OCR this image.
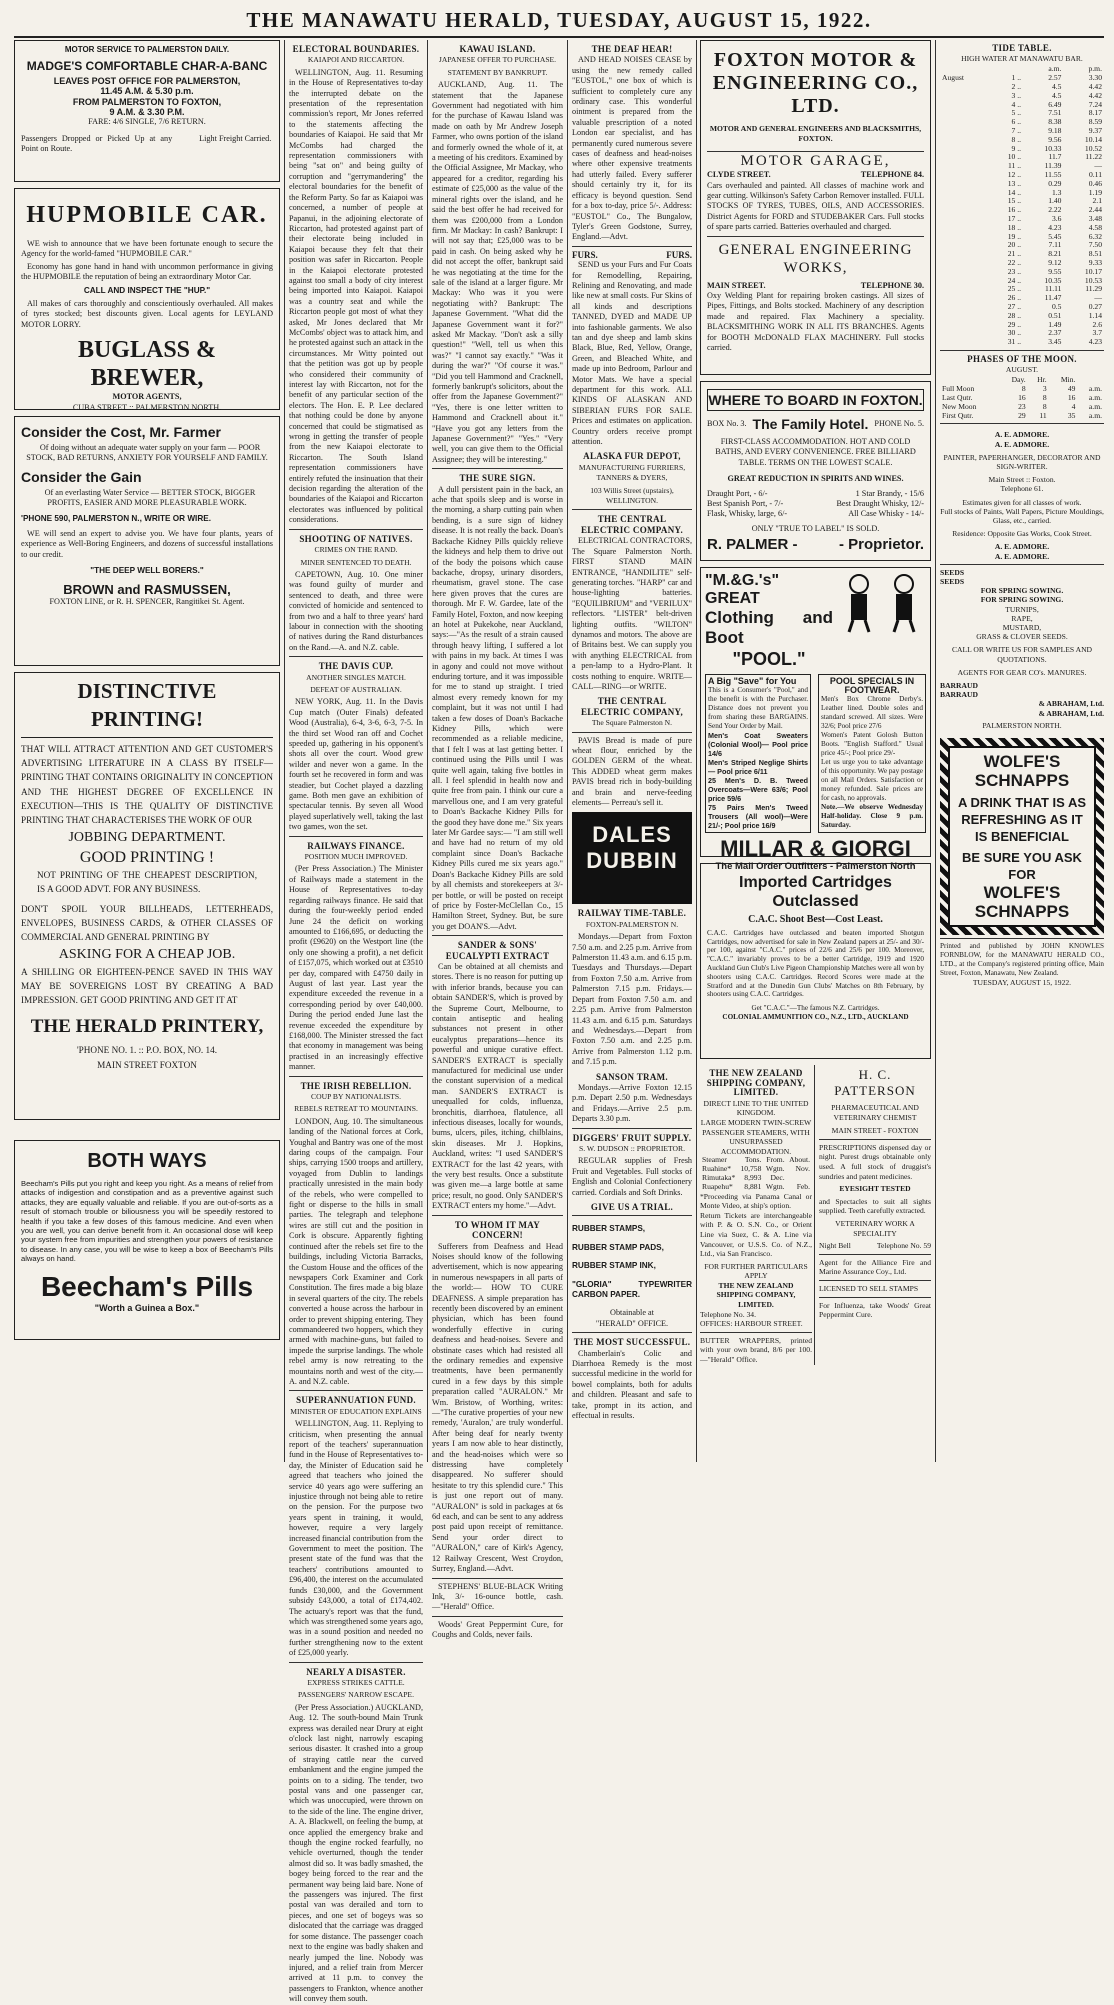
THE MANAWATU HERALD, TUESDAY, AUGUST 15, 1922.
MOTOR SERVICE TO PALMERSTON DAILY.
MADGE'S COMFORTABLE CHAR-A-BANC
LEAVES POST OFFICE FOR PALMERSTON,
11.45 A.M. & 5.30 p.m.
FROM PALMERSTON TO FOXTON,
9 A.M. & 3.30 P.M.
FARE: 4/6 SINGLE, 7/6 RETURN.
Passengers Dropped or Picked Up at any Point on Route.
Light Freight Carried.
HUPMOBILE CAR.
WE wish to announce that we have been fortunate enough to secure the Agency for the world-famed "HUPMOBILE CAR."
Economy has gone hand in hand with uncommon performance in giving the HUPMOBILE the reputation of being an extraordinary Motor Car.
CALL AND INSPECT THE "HUP."
All makes of cars thoroughly and conscientiously overhauled. All makes of tyres stocked; best discounts given. Local agents for LEYLAND MOTOR LORRY.
BUGLASS & BREWER,
MOTOR AGENTS,
CUBA STREET :: PALMERSTON NORTH.
Consider the Cost, Mr. Farmer
Of doing without an adequate water supply on your farm — POOR STOCK, BAD RETURNS, ANXIETY FOR YOURSELF AND FAMILY.
Consider the Gain
Of an everlasting Water Service — BETTER STOCK, BIGGER PROFITS, EASIER AND MORE PLEASURABLE WORK.
'PHONE 590, PALMERSTON N., WRITE OR WIRE.
WE will send an expert to advise you. We have four plants, years of experience as Well-Boring Engineers, and dozens of successful installations to our credit.
"THE DEEP WELL BORERS."
BROWN and RASMUSSEN,
FOXTON LINE, or R. H. SPENCER, Rangitikei St. Agent.
DISTINCTIVE PRINTING!
THAT WILL ATTRACT ATTENTION AND GET CUSTOMER'S ADVERTISING LITERATURE IN A CLASS BY ITSELF—PRINTING THAT CONTAINS ORIGINALITY IN CONCEPTION AND THE HIGHEST DEGREE OF EXCELLENCE IN EXECUTION—THIS IS THE QUALITY OF DISTINCTIVE PRINTING THAT CHARACTERISES THE WORK OF OUR
JOBBING DEPARTMENT.
GOOD PRINTING !
NOT PRINTING OF THE CHEAPEST DESCRIPTION, IS A GOOD ADVT. FOR ANY BUSINESS.
DON'T SPOIL YOUR BILLHEADS, LETTERHEADS, ENVELOPES, BUSINESS CARDS, & OTHER CLASSES OF COMMERCIAL AND GENERAL PRINTING BY
ASKING FOR A CHEAP JOB.
A SHILLING OR EIGHTEEN-PENCE SAVED IN THIS WAY MAY BE SOVEREIGNS LOST BY CREATING A BAD IMPRESSION. GET GOOD PRINTING AND GET IT AT
THE HERALD PRINTERY,
'PHONE NO. 1. :: P.O. BOX, NO. 14.
MAIN STREET FOXTON
BOTH WAYS
Beecham's Pills put you right and keep you right. As a means of relief from attacks of indigestion and constipation and as a preventive against such attacks, they are equally valuable and reliable. If you are out-of-sorts as a result of stomach trouble or biliousness you will be speedily restored to health if you take a few doses of this famous medicine. And even when you are well, you can derive benefit from it. An occasional dose will keep your system free from impurities and strengthen your powers of resistance to disease. In any case, you will be wise to keep a box of Beecham's Pills always on hand.
Beecham's Pills
"Worth a Guinea a Box."
ELECTORAL BOUNDARIES.
KAIAPOI AND RICCARTON.
WELLINGTON, Aug. 11. Resuming in the House of Representatives to-day the interrupted debate on the presentation of the representation commission's report, Mr Jones referred to the statements affecting the boundaries of Kaiapoi. He said that Mr McCombs had charged the representation commissioners with being "sat on" and being guilty of corruption and "gerrymandering" the electoral boundaries for the benefit of the Reform Party. So far as Kaiapoi was concerned, a number of people at Papanui, in the adjoining electorate of Riccarton, had protested against part of their electorate being included in Kaiapoi because they felt that their position was safer in Riccarton. People in the Kaiapoi electorate protested against too small a body of city interest being imported into Kaiapoi. Kaiapoi was a country seat and while the Riccarton people got most of what they asked, Mr Jones declared that Mr McCombs' object was to attack him, and he protested against such an attack in the circumstances. Mr Witty pointed out that the petition was got up by people who considered their community of interest lay with Riccarton, not for the benefit of any particular section of the electors. The Hon. E. P. Lee declared that nothing could be done by anyone concerned that could be stigmatised as wrong in getting the transfer of people from the new Kaiapoi electorate to Riccarton. The South Island representation commissioners have entirely refuted the insinuation that their decision regarding the alteration of the boundaries of the Kaiapoi and Riccarton electorates was influenced by political considerations.
SHOOTING OF NATIVES.
CRIMES ON THE RAND.
MINER SENTENCED TO DEATH.
CAPETOWN, Aug. 10. One miner was found guilty of murder and sentenced to death, and three were convicted of homicide and sentenced to from two and a half to three years' hard labour in connection with the shooting of natives during the Rand disturbances on the Rand.—A. and N.Z. cable.
THE DAVIS CUP.
ANOTHER SINGLES MATCH.
DEFEAT OF AUSTRALIAN.
NEW YORK, Aug. 11. In the Davis Cup match (Outer Finals) defeated Wood (Australia), 6-4, 3-6, 6-3, 7-5. In the third set Wood ran off and Cochet speeded up, gathering in his opponent's shots all over the court. Wood grew wilder and never won a game. In the fourth set he recovered in form and was steadier, but Cochet played a dazzling game. Both men gave an exhibition of spectacular tennis. By seven all Wood played superlatively well, taking the last two games, won the set.
RAILWAYS FINANCE.
POSITION MUCH IMPROVED.
(Per Press Association.) The Minister of Railways made a statement in the House of Representatives to-day regarding railways finance. He said that during the four-weekly period ended June 24 the deficit on working amounted to £166,695, or deducting the profit (£9620) on the Westport line (the only one showing a profit), a net deficit of £157,075, which worked out at £3510 per day, compared with £4750 daily in August of last year. Last year the expenditure exceeded the revenue in a corresponding period by over £40,000. During the period ended June last the revenue exceeded the expenditure by £168,000. The Minister stressed the fact that economy in management was being practised in an increasingly effective manner.
THE IRISH REBELLION.
COUP BY NATIONALISTS.
REBELS RETREAT TO MOUNTAINS.
LONDON, Aug. 10. The simultaneous landing of the National forces at Cork, Youghal and Bantry was one of the most daring coups of the campaign. Four ships, carrying 1500 troops and artillery, voyaged from Dublin to landings practically unresisted in the main body of the rebels, who were compelled to fight or disperse to the hills in small parties. The telegraph and telephone wires are still cut and the position in Cork is obscure. Apparently fighting continued after the rebels set fire to the buildings, including Victoria Barracks, the Custom House and the offices of the newspapers Cork Examiner and Cork Constitution. The fires made a big blaze in several quarters of the city. The rebels converted a house across the harbour in order to prevent shipping entering. They commandeered two hoppers, which they armed with machine-guns, but failed to impede the surprise landings. The whole rebel army is now retreating to the mountains north and west of the city.—A. and N.Z. cable.
SUPERANNUATION FUND.
MINISTER OF EDUCATION EXPLAINS
WELLINGTON, Aug. 11. Replying to criticism, when presenting the annual report of the teachers' superannuation fund in the House of Representatives to-day, the Minister of Education said he agreed that teachers who joined the service 40 years ago were suffering an injustice through not being able to retire on the pension. For the purpose two years spent in training, it would, however, require a very largely increased financial contribution from the Government to meet the position. The present state of the fund was that the teachers' contributions amounted to £96,400, the interest on the accumulated funds £30,000, and the Government subsidy £43,000, a total of £174,402. The actuary's report was that the fund, which was strengthened some years ago, was in a sound position and needed no further strengthening now to the extent of £25,000 yearly.
NEARLY A DISASTER.
EXPRESS STRIKES CATTLE.
PASSENGERS' NARROW ESCAPE.
(Per Press Association.) AUCKLAND, Aug. 12. The south-bound Main Trunk express was derailed near Drury at eight o'clock last night, narrowly escaping serious disaster. It crashed into a group of straying cattle near the curved embankment and the engine jumped the points on to a siding. The tender, two postal vans and one passenger car, which was unoccupied, were thrown on to the side of the line. The engine driver, A. A. Blackwell, on feeling the bump, at once applied the emergency brake and though the engine rocked fearfully, no vehicle overturned, though the tender almost did so. It was badly smashed, the bogey being forced to the rear and the permanent way being laid bare. None of the passengers was injured. The first postal van was derailed and torn to pieces, and one set of bogeys was so dislocated that the carriage was dragged for some distance. The passenger coach next to the engine was badly shaken and nearly jumped the line. Nobody was injured, and a relief train from Mercer arrived at 11 p.m. to convey the passengers to Frankton, whence another will convey them south.
KAWAU ISLAND.
JAPANESE OFFER TO PURCHASE.
STATEMENT BY BANKRUPT.
AUCKLAND, Aug. 11. The statement that the Japanese Government had negotiated with him for the purchase of Kawau Island was made on oath by Mr Andrew Joseph Farmer, who owns portion of the island and formerly owned the whole of it, at a meeting of his creditors. Examined by the Official Assignee, Mr Mackay, who appeared for a creditor, regarding his estimate of £25,000 as the value of the mineral rights over the island, and he said the best offer he had received for them was £200,000 from a London firm. Mr Mackay: In cash? Bankrupt: I will not say that; £25,000 was to be paid in cash. On being asked why he did not accept the offer, bankrupt said he was negotiating at the time for the sale of the island at a larger figure. Mr Mackay: Who was it you were negotiating with? Bankrupt: The Japanese Government. "What did the Japanese Government want it for?" asked Mr Mackay. "Don't ask a silly question!" "Well, tell us when this was?" "I cannot say exactly." "Was it during the war?" "Of course it was." "Did you tell Hammond and Cracknell, formerly bankrupt's solicitors, about the offer from the Japanese Government?" "Yes, there is one letter written to Hammond and Cracknell about it." "Have you got any letters from the Japanese Government?" "Yes." "Very well, you can give them to the Official Assignee; they will be interesting."
THE SURE SIGN.
A dull persistent pain in the back, an ache that spoils sleep and is worse in the morning, a sharp cutting pain when bending, is a sure sign of kidney disease. It is not really the back. Doan's Backache Kidney Pills quickly relieve the kidneys and help them to drive out of the body the poisons which cause backache, dropsy, urinary disorders, rheumatism, gravel stone. The case here given proves that the cures are thorough. Mr F. W. Gardee, late of the Family Hotel, Foxton, and now keeping an hotel at Pukekohe, near Auckland, says:—"As the result of a strain caused through heavy lifting, I suffered a lot with pains in my back. At times I was in agony and could not move without enduring torture, and it was impossible for me to stand up straight. I tried almost every remedy known for my complaint, but it was not until I had taken a few doses of Doan's Backache Kidney Pills, which were recommended as a reliable medicine, that I felt I was at last getting better. I continued using the Pills until I was quite well again, taking five bottles in all. I feel splendid in health now and quite free from pain. I think our cure a marvellous one, and I am very grateful to Doan's Backache Kidney Pills for the good they have done me." Six years later Mr Gardee says:— "I am still well and have had no return of my old complaint since Doan's Backache Kidney Pills cured me six years ago." Doan's Backache Kidney Pills are sold by all chemists and storekeepers at 3/- per bottle, or will be posted on receipt of price by Foster-McClellan Co., 15 Hamilton Street, Sydney. But, be sure you get DOAN'S.—Advt.
SANDER & SONS' EUCALYPTI EXTRACT
Can be obtained at all chemists and stores. There is no reason for putting up with inferior brands, because you can obtain SANDER'S, which is proved by the Supreme Court, Melbourne, to contain antiseptic and healing substances not present in other eucalyptus preparations—hence its powerful and unique curative effect. SANDER'S EXTRACT is specially manufactured for medicinal use under the constant supervision of a medical man. SANDER'S EXTRACT is unequalled for colds, influenza, bronchitis, diarrhoea, flatulence, all infectious diseases, locally for wounds, burns, ulcers, piles, itching, chilblains, skin diseases. Mr J. Hopkins, Auckland, writes: "I used SANDER'S EXTRACT for the last 42 years, with the very best results. Once a substitute was given me—a large bottle at same price; result, no good. Only SANDER'S EXTRACT enters my home."—Advt.
TO WHOM IT MAY CONCERN!
Sufferers from Deafness and Head Noises should know of the following advertisement, which is now appearing in numerous newspapers in all parts of the world:— HOW TO CURE DEAFNESS. A simple preparation has recently been discovered by an eminent physician, which has been found wonderfully effective in curing deafness and head-noises. Severe and obstinate cases which had resisted all the ordinary remedies and expensive treatments, have been permanently cured in a few days by this simple preparation called "AURALON." Mr Wm. Bristow, of Worthing, writes:—"The curative properties of your new remedy, 'Auralon,' are truly wonderful. After being deaf for nearly twenty years I am now able to hear distinctly, and the head-noises which were so distressing have completely disappeared. No sufferer should hesitate to try this splendid cure." This is just one report out of many. "AURALON" is sold in packages at 6s 6d each, and can be sent to any address post paid upon receipt of remittance. Send your order direct to "AURALON," care of Kirk's Agency, 12 Railway Crescent, West Croydon, Surrey, England.—Advt.
STEPHENS' BLUE-BLACK Writing Ink, 3/- 16-ounce bottle, cash. —"Herald" Office.
Woods' Great Peppermint Cure, for Coughs and Colds, never fails.
THE DEAF HEAR!
AND HEAD NOISES CEASE by using the new remedy called "EUSTOL," one box of which is sufficient to completely cure any ordinary case. This wonderful ointment is prepared from the valuable prescription of a noted London ear specialist, and has permanently cured numerous severe cases of deafness and head-noises where other expensive treatments had utterly failed. Every sufferer should certainly try it, for its efficacy is beyond question. Send for a box to-day, price 5/-. Address: "EUSTOL" Co., The Bungalow, Tyler's Green Godstone, Surrey, England.—Advt.
FURS.	FURS.
SEND us your Furs and Fur Coats for Remodelling, Repairing, Relining and Renovating, and made like new at small costs. Fur Skins of all kinds and descriptions TANNED, DYED and MADE UP into fashionable garments. We also tan and dye sheep and lamb skins Black, Blue, Red, Yellow, Orange, Green, and Bleached White, and made up into Bedroom, Parlour and Motor Mats. We have a special department for this work. ALL KINDS OF ALASKAN AND SIBERIAN FURS FOR SALE. Prices and estimates on application. Country orders receive prompt attention.
ALASKA FUR DEPOT,
MANUFACTURING FURRIERS, TANNERS & DYERS,
103 Willis Street (upstairs), WELLINGTON.
THE CENTRAL ELECTRIC COMPANY.
ELECTRICAL CONTRACTORS, The Square Palmerston North. FIRST STAND MAIN ENTRANCE, "HANDILITE" self-generating torches. "HARP" car and house-lighting batteries. "EQUILIBRIUM" and "VERILUX" reflectors. "LISTER" belt-driven lighting outfits. "WILTON" dynamos and motors. The above are of Britains best. We can supply you with anything ELECTRICAL from a pen-lamp to a Hydro-Plant. It costs nothing to enquire. WRITE—CALL—RING—or WRITE.
THE CENTRAL ELECTRIC COMPANY,
The Square Palmerston N.
PAVIS Bread is made of pure wheat flour, enriched by the GOLDEN GERM of the wheat. This ADDED wheat germ makes PAVIS bread rich in body-building and brain and nerve-feeding elements— Perreau's sell it.
DALES DUBBIN
RAILWAY TIME-TABLE.
FOXTON-PALMERSTON N.
Mondays.—Depart from Foxton 7.50 a.m. and 2.25 p.m. Arrive from Palmerston 11.43 a.m. and 6.15 p.m. Tuesdays and Thursdays.—Depart from Foxton 7.50 a.m. Arrive from Palmerston 7.15 p.m. Fridays.—Depart from Foxton 7.50 a.m. and 2.25 p.m. Arrive from Palmerston 11.43 a.m. and 6.15 p.m. Saturdays and Wednesdays.—Depart from Foxton 7.50 a.m. and 2.25 p.m. Arrive from Palmerston 1.12 p.m. and 7.15 p.m.
SANSON TRAM.
Mondays.—Arrive Foxton 12.15 p.m. Depart 2.50 p.m. Wednesdays and Fridays.—Arrive 2.5 p.m. Departs 3.30 p.m.
DIGGERS' FRUIT SUPPLY.
S. W. DUDSON :: PROPRIETOR.
REGULAR supplies of Fresh Fruit and Vegetables. Full stocks of English and Colonial Confectionery carried. Cordials and Soft Drinks.
GIVE US A TRIAL.
RUBBER STAMPS,
RUBBER STAMP PADS,
RUBBER STAMP INK,
"GLORIA" TYPEWRITER CARBON PAPER.
Obtainable at
"HERALD" OFFICE.
THE MOST SUCCESSFUL.
Chamberlain's Colic and Diarrhoea Remedy is the most successful medicine in the world for bowel complaints, both for adults and children. Pleasant and safe to take, prompt in its action, and effectual in results.
FOXTON MOTOR & ENGINEERING CO., LTD.
MOTOR AND GENERAL ENGINEERS AND BLACKSMITHS, FOXTON.
MOTOR GARAGE,
CLYDE STREET.	TELEPHONE 84.
Cars overhauled and painted. All classes of machine work and gear cutting. Wilkinson's Safety Carbon Remover installed. FULL STOCKS OF TYRES, TUBES, OILS, AND ACCESSORIES. District Agents for FORD and STUDEBAKER Cars. Full stocks of spare parts carried. Batteries overhauled and charged.
GENERAL ENGINEERING WORKS,
MAIN STREET.	TELEPHONE 30.
Oxy Welding Plant for repairing broken castings. All sizes of Pipes, Fittings, and Bolts stocked. Machinery of any description made and repaired. Flax Machinery a speciality. BLACKSMITHING WORK IN ALL ITS BRANCHES. Agents for BOOTH McDONALD FLAX MACHINERY. Full stocks carried.
WHERE TO BOARD IN FOXTON.
BOX No. 3. The Family Hotel. PHONE No. 5.
FIRST-CLASS ACCOMMODATION. HOT AND COLD BATHS, AND EVERY CONVENIENCE. FREE BILLIARD TABLE. TERMS ON THE LOWEST SCALE.
GREAT REDUCTION IN SPIRITS AND WINES.
Draught Port, - 6/-	1 Star Brandy, - 15/6
Best Spanish Port, - 7/-	Best Draught Whisky, 12/-
Flask, Whisky, large, 6/-	All Case Whisky - 14/-
ONLY "TRUE TO LABEL" IS SOLD.
R. PALMER -	- Proprietor.
"M.&G.'s" GREAT
Clothing and Boot
"POOL."
A Big "Save" for You
This is a Consumer's "Pool," and the benefit is with the Purchaser. Distance does not prevent you from sharing these BARGAINS. Send Your Order by Mail.
Men's Coat Sweaters (Colonial Wool)— Pool price 14/6
Men's Striped Neglige Shirts— Pool price 6/11
25 Men's D. B. Tweed Overcoats—Were 63/6; Pool price 59/6
75 Pairs Men's Tweed Trousers (All wool)—Were 21/-; Pool price 16/9
POOL SPECIALS IN FOOTWEAR.
Men's Box Chrome Derby's. Leather lined. Double soles and standard screwed. All sizes. Were 32/6; Pool price 27/6
Women's Patent Golosh Button Boots. "English Stafford." Usual price 45/-; Pool price 29/-
Let us urge you to take advantage of this opportunity. We pay postage on all Mail Orders. Satisfaction or money refunded. Sale prices are for cash, no approvals.
Note.—We observe Wednesday Half-holiday. Close 9 p.m. Saturday.
MILLAR & GIORGI
The Mail Order Outfitters - Palmerston North
Imported Cartridges Outclassed
C.A.C. Shoot Best—Cost Least.
C.A.C. Cartridges have outclassed and beaten imported Shotgun Cartridges, now advertised for sale in New Zealand papers at 25/- and 30/- per 100, against "C.A.C." prices of 22/6 and 25/6 per 100. Moreover, "C.A.C." invariably proves to be a better Cartridge, 1919 and 1920 Auckland Gun Club's Live Pigeon Championship Matches were all won by shooters using C.A.C. Cartridges. Record Scores were made at the Stratford and at the Dunedin Gun Clubs' Matches on 8th February, by shooters using C.A.C. Cartridges.
Get "C.A.C."—The famous N.Z. Cartridges.
COLONIAL AMMUNITION CO., N.Z., LTD., AUCKLAND
THE NEW ZEALAND SHIPPING COMPANY, LIMITED.
DIRECT LINE TO THE UNITED KINGDOM.
LARGE MODERN TWIN-SCREW PASSENGER STEAMERS, WITH UNSURPASSED ACCOMMODATION.
Steamer	Tons.	From.	About.
Ruahine*	10,758	Wgtn.	Nov.
Rimutaka*	8,993	Dec.	
Ruapehu*	8,881	Wgtn.	Feb.
*Proceeding via Panama Canal or Monte Video, at ship's option.
Return Tickets are interchangeable with P. & O. S.N. Co., or Orient Line via Suez, C. & A. Line via Vancouver, or U.S.S. Co. of N.Z., Ltd., via San Francisco.
FOR FURTHER PARTICULARS APPLY
THE NEW ZEALAND SHIPPING COMPANY, LIMITED.
Telephone No. 34.
OFFICES: HARBOUR STREET.
BUTTER WRAPPERS, printed with your own brand, 8/6 per 100. —"Herald" Office.
H. C. PATTERSON
PHARMACEUTICAL AND VETERINARY CHEMIST
MAIN STREET - FOXTON
PRESCRIPTIONS dispensed day or night. Purest drugs obtainable only used. A full stock of druggist's sundries and patent medicines.
EYESIGHT TESTED
and Spectacles to suit all sights supplied. Teeth carefully extracted.
VETERINARY WORK A SPECIALITY
Night Bell	Telephone No. 59
Agent for the Alliance Fire and Marine Assurance Coy., Ltd.
LICENSED TO SELL STAMPS
For Influenza, take Woods' Great Peppermint Cure.
TIDE TABLE.
HIGH WATER AT MANAWATU BAR.
		a.m.	p.m.
August	1 ..	2.57	3.30
	2 ..	4.5	4.42
	3 ..	4.5	4.42
	4 ..	6.49	7.24
	5 ..	7.51	8.17
	6 ..	8.38	8.59
	7 ..	9.18	9.37
	8 ..	9.56	10.14
	9 ..	10.33	10.52
	10 ..	11.7	11.22
	11 ..	11.39	—
	12 ..	11.55	0.11
	13 ..	0.29	0.46
	14 ..	1.3	1.19
	15 ..	1.40	2.1
	16 ..	2.22	2.44
	17 ..	3.6	3.48
	18 ..	4.23	4.58
	19 ..	5.45	6.32
	20 ..	7.11	7.50
	21 ..	8.21	8.51
	22 ..	9.12	9.33
	23 ..	9.55	10.17
	24 ..	10.35	10.53
	25 ..	11.11	11.29
	26 ..	11.47	—
	27 ..	0.5	0.27
	28 ..	0.51	1.14
	29 ..	1.49	2.6
	30 ..	2.37	3.7
	31 ..	3.45	4.23
PHASES OF THE MOON.
AUGUST.
	Day.	Hr.	Min.	
Full Moon	8	3	49	a.m.
Last Qutr.	16	8	16	a.m.
New Moon	23	8	4	a.m.
First Qutr.	29	11	35	a.m.
A. E. ADMORE.
A. E. ADMORE.
PAINTER, PAPERHANGER, DECORATOR AND SIGN-WRITER.
Main Street :: Foxton.
Telephone 61.
Estimates given for all classes of work.
Full stocks of Paints, Wall Papers, Picture Mouldings, Glass, etc., carried.
Residence: Opposite Gas Works, Cook Street.
A. E. ADMORE.
A. E. ADMORE.
SEEDS
SEEDS
FOR SPRING SOWING.
FOR SPRING SOWING.
TURNIPS,
RAPE,
MUSTARD,
GRASS & CLOVER SEEDS.
CALL OR WRITE US FOR SAMPLES AND QUOTATIONS.
AGENTS FOR GEAR CO's. MANURES.
BARRAUD
BARRAUD
& ABRAHAM, Ltd.
& ABRAHAM, Ltd.
PALMERSTON NORTH.
WOLFE'S SCHNAPPS
A DRINK THAT IS AS REFRESHING AS IT IS BENEFICIAL
BE SURE YOU ASK FOR
WOLFE'S SCHNAPPS
Printed and published by JOHN KNOWLES FORNBLOW, for the MANAWATU HERALD CO., LTD., at the Company's registered printing office, Main Street, Foxton, Manawatu, New Zealand.
TUESDAY, AUGUST 15, 1922.
